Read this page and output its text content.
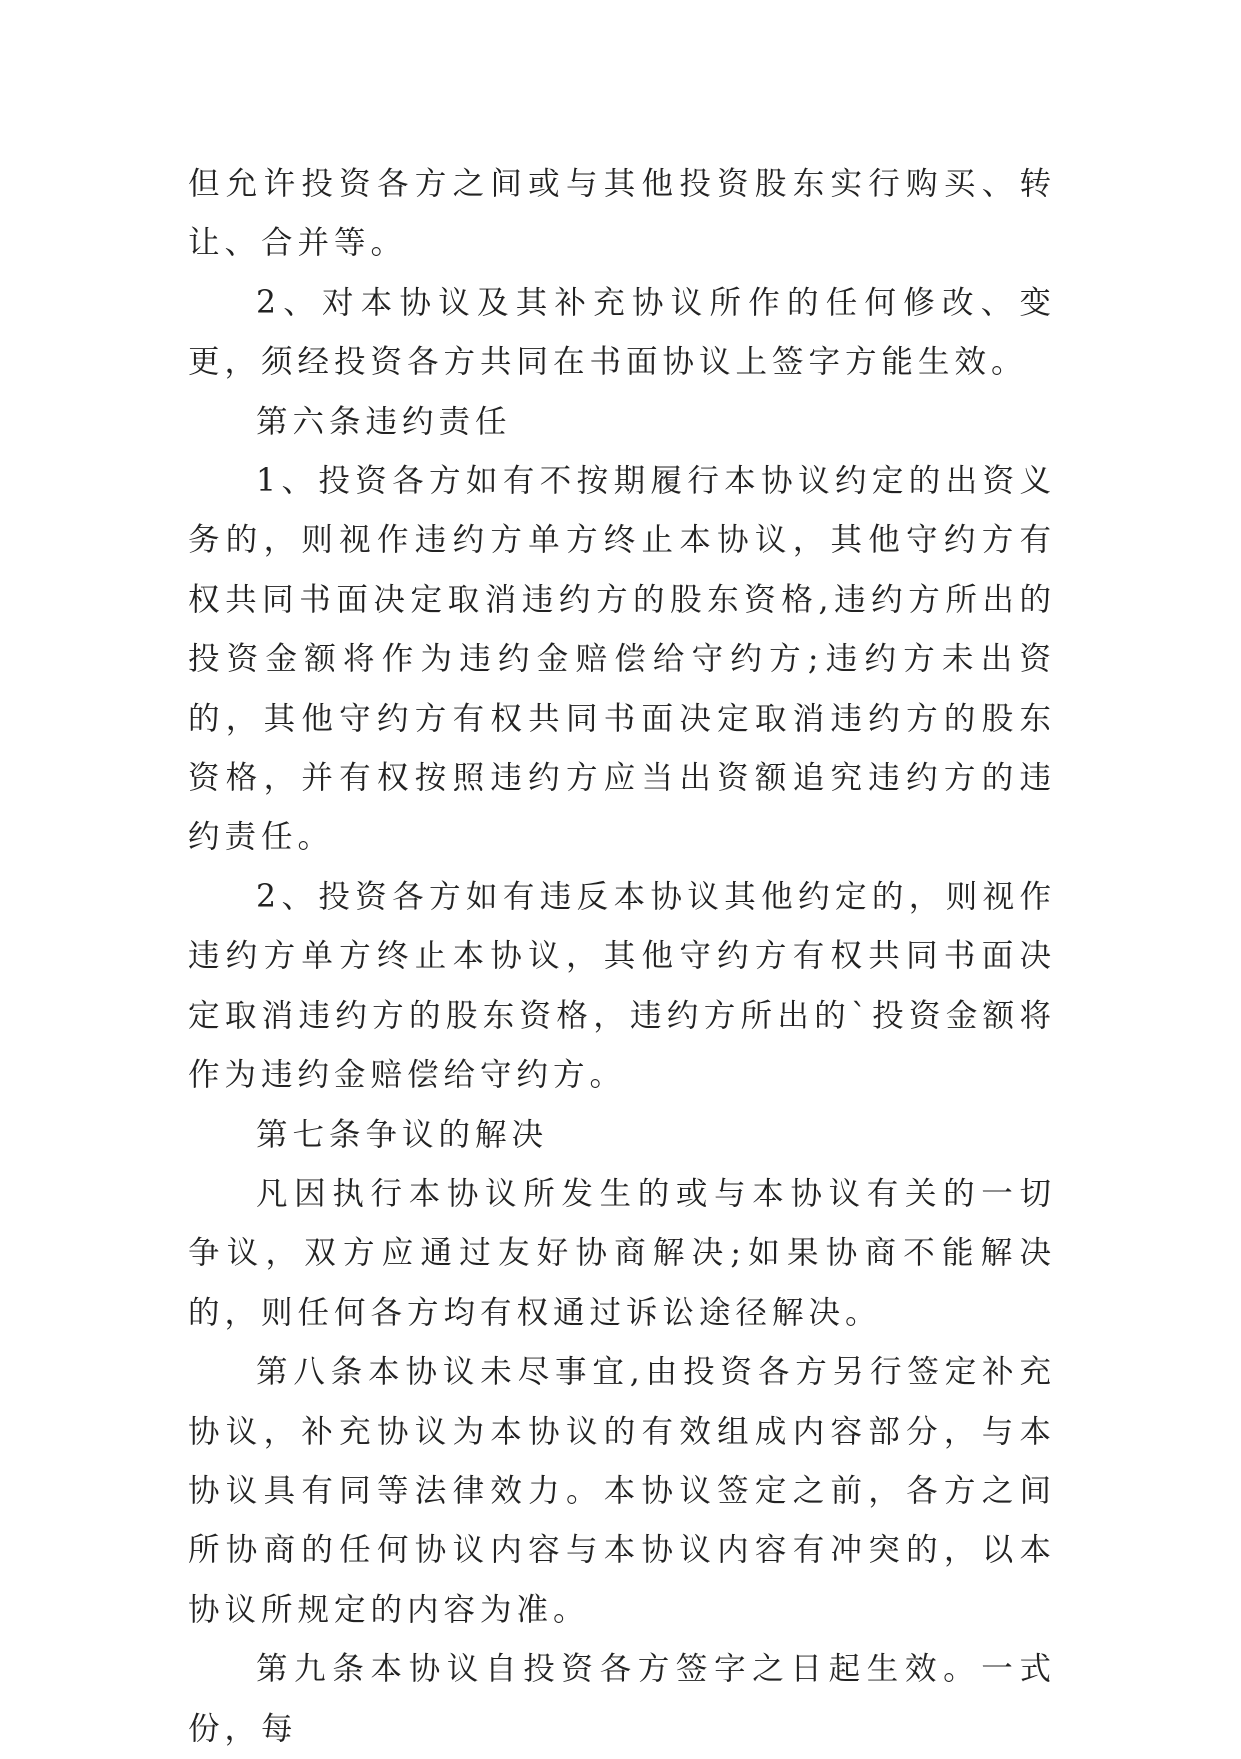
但允许投资各方之间或与其他投资股东实行购买、转让、合并等。

2、对本协议及其补充协议所作的任何修改、变更，须经投资各方共同在书面协议上签字方能生效。

第六条违约责任

1、投资各方如有不按期履行本协议约定的出资义务的，则视作违约方单方终止本协议，其他守约方有权共同书面决定取消违约方的股东资格,违约方所出的投资金额将作为违约金赔偿给守约方;违约方未出资的，其他守约方有权共同书面决定取消违约方的股东资格，并有权按照违约方应当出资额追究违约方的违约责任。

2、投资各方如有违反本协议其他约定的，则视作违约方单方终止本协议，其他守约方有权共同书面决定取消违约方的股东资格，违约方所出的`投资金额将作为违约金赔偿给守约方。

第七条争议的解决

凡因执行本协议所发生的或与本协议有关的一切争议，双方应通过友好协商解决;如果协商不能解决的，则任何各方均有权通过诉讼途径解决。

第八条本协议未尽事宜,由投资各方另行签定补充协议，补充协议为本协议的有效组成内容部分，与本协议具有同等法律效力。本协议签定之前，各方之间所协商的任何协议内容与本协议内容有冲突的，以本协议所规定的内容为准。

第九条本协议自投资各方签字之日起生效。一式份，每
